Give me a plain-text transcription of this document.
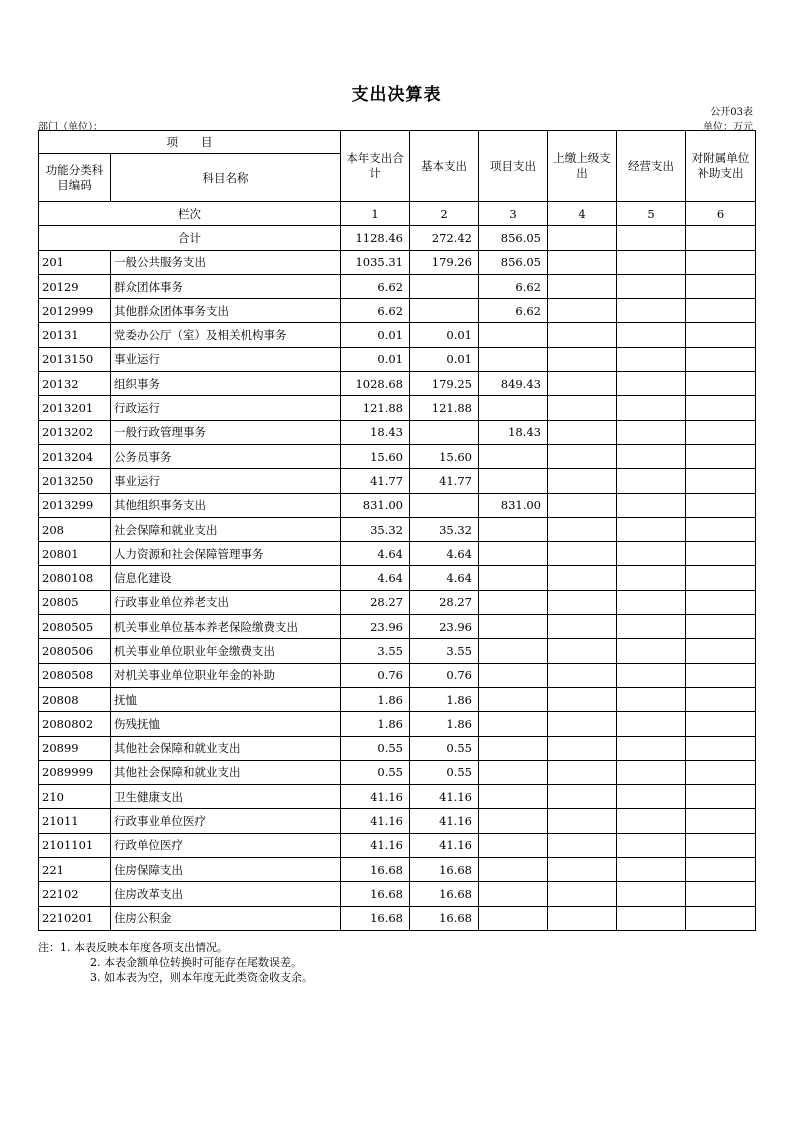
支出决算表
公开03表
部门（单位）：	单位：万元
项　　目		本年支出合计	基本支出	项目支出	上缴上级支出	经营支出	对附属单位补助支出
功能分类科目编码	科目名称						
栏次		1	2	3	4	5	6
合计		1128.46	272.42	856.05			
201	一般公共服务支出	1035.31	179.26	856.05			
20129	群众团体事务	6.62		6.62			
2012999	其他群众团体事务支出	6.62		6.62			
20131	党委办公厅（室）及相关机构事务	0.01	0.01				
2013150	事业运行	0.01	0.01				
20132	组织事务	1028.68	179.25	849.43			
2013201	行政运行	121.88	121.88				
2013202	一般行政管理事务	18.43		18.43			
2013204	公务员事务	15.60	15.60				
2013250	事业运行	41.77	41.77				
2013299	其他组织事务支出	831.00		831.00			
208	社会保障和就业支出	35.32	35.32				
20801	人力资源和社会保障管理事务	4.64	4.64				
2080108	信息化建设	4.64	4.64				
20805	行政事业单位养老支出	28.27	28.27				
2080505	机关事业单位基本养老保险缴费支出	23.96	23.96				
2080506	机关事业单位职业年金缴费支出	3.55	3.55				
2080508	对机关事业单位职业年金的补助	0.76	0.76				
20808	抚恤	1.86	1.86				
2080802	伤残抚恤	1.86	1.86				
20899	其他社会保障和就业支出	0.55	0.55				
2089999	其他社会保障和就业支出	0.55	0.55				
210	卫生健康支出	41.16	41.16				
21011	行政事业单位医疗	41.16	41.16				
2101101	行政单位医疗	41.16	41.16				
221	住房保障支出	16.68	16.68				
22102	住房改革支出	16.68	16.68				
2210201	住房公积金	16.68	16.68				
注：1. 本表反映本年度各项支出情况。
2. 本表金额单位转换时可能存在尾数误差。
3. 如本表为空，则本年度无此类资金收支余。
